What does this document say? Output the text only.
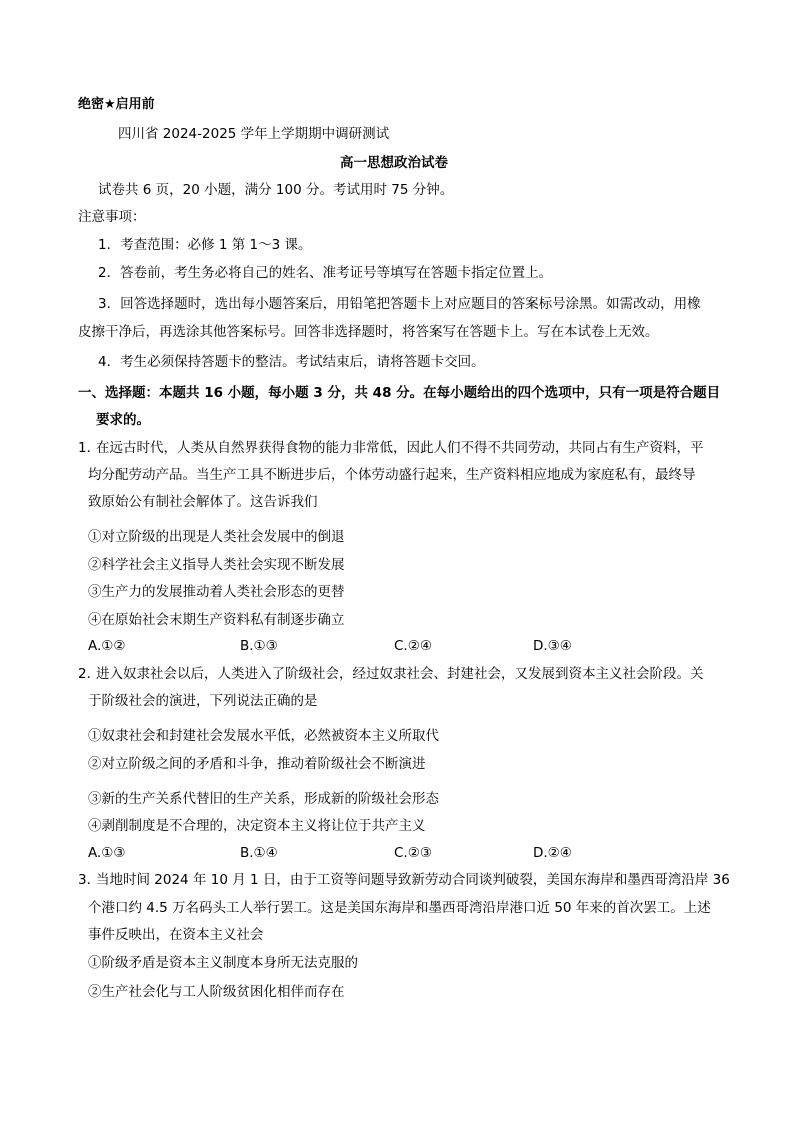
绝密★启用前
四川省 2024-2025 学年上学期期中调研测试
高一思想政治试卷
试卷共 6 页，20 小题，满分 100 分。考试用时 75 分钟。
注意事项：
1．考查范围：必修 1 第 1～3 课。
2．答卷前，考生务必将自己的姓名、准考证号等填写在答题卡指定位置上。
3．回答选择题时，选出每小题答案后，用铅笔把答题卡上对应题目的答案标号涂黑。如需改动，用橡
皮擦干净后，再选涂其他答案标号。回答非选择题时，将答案写在答题卡上。写在本试卷上无效。
4．考生必须保持答题卡的整洁。考试结束后，请将答题卡交回。
一、选择题：本题共 16 小题，每小题 3 分，共 48 分。在每小题给出的四个选项中，只有一项是符合题目
要求的。
1．
在远古时代，人类从自然界获得食物的能力非常低，因此人们不得不共同劳动，共同占有生产资料，平
均分配劳动产品。当生产工具不断进步后，个体劳动盛行起来，生产资料相应地成为家庭私有，最终导
致原始公有制社会解体了。这告诉我们
①对立阶级的出现是人类社会发展中的倒退
②科学社会主义指导人类社会实现不断发展
③生产力的发展推动着人类社会形态的更替
④在原始社会末期生产资料私有制逐步确立
A.①②	B.①③	C.②④	D.③④
2．
进入奴隶社会以后，人类进入了阶级社会，经过奴隶社会、封建社会，又发展到资本主义社会阶段。关
于阶级社会的演进，下列说法正确的是
①奴隶社会和封建社会发展水平低，必然被资本主义所取代
②对立阶级之间的矛盾和斗争，推动着阶级社会不断演进
③新的生产关系代替旧的生产关系，形成新的阶级社会形态
④剥削制度是不合理的，决定资本主义将让位于共产主义
A.①③	B.①④	C.②③	D.②④
3．
当地时间 2024 年 10 月 1 日，由于工资等问题导致新劳动合同谈判破裂，美国东海岸和墨西哥湾沿岸 36
个港口约 4.5 万名码头工人举行罢工。这是美国东海岸和墨西哥湾沿岸港口近 50 年来的首次罢工。上述
事件反映出，在资本主义社会
①阶级矛盾是资本主义制度本身所无法克服的
②生产社会化与工人阶级贫困化相伴而存在
